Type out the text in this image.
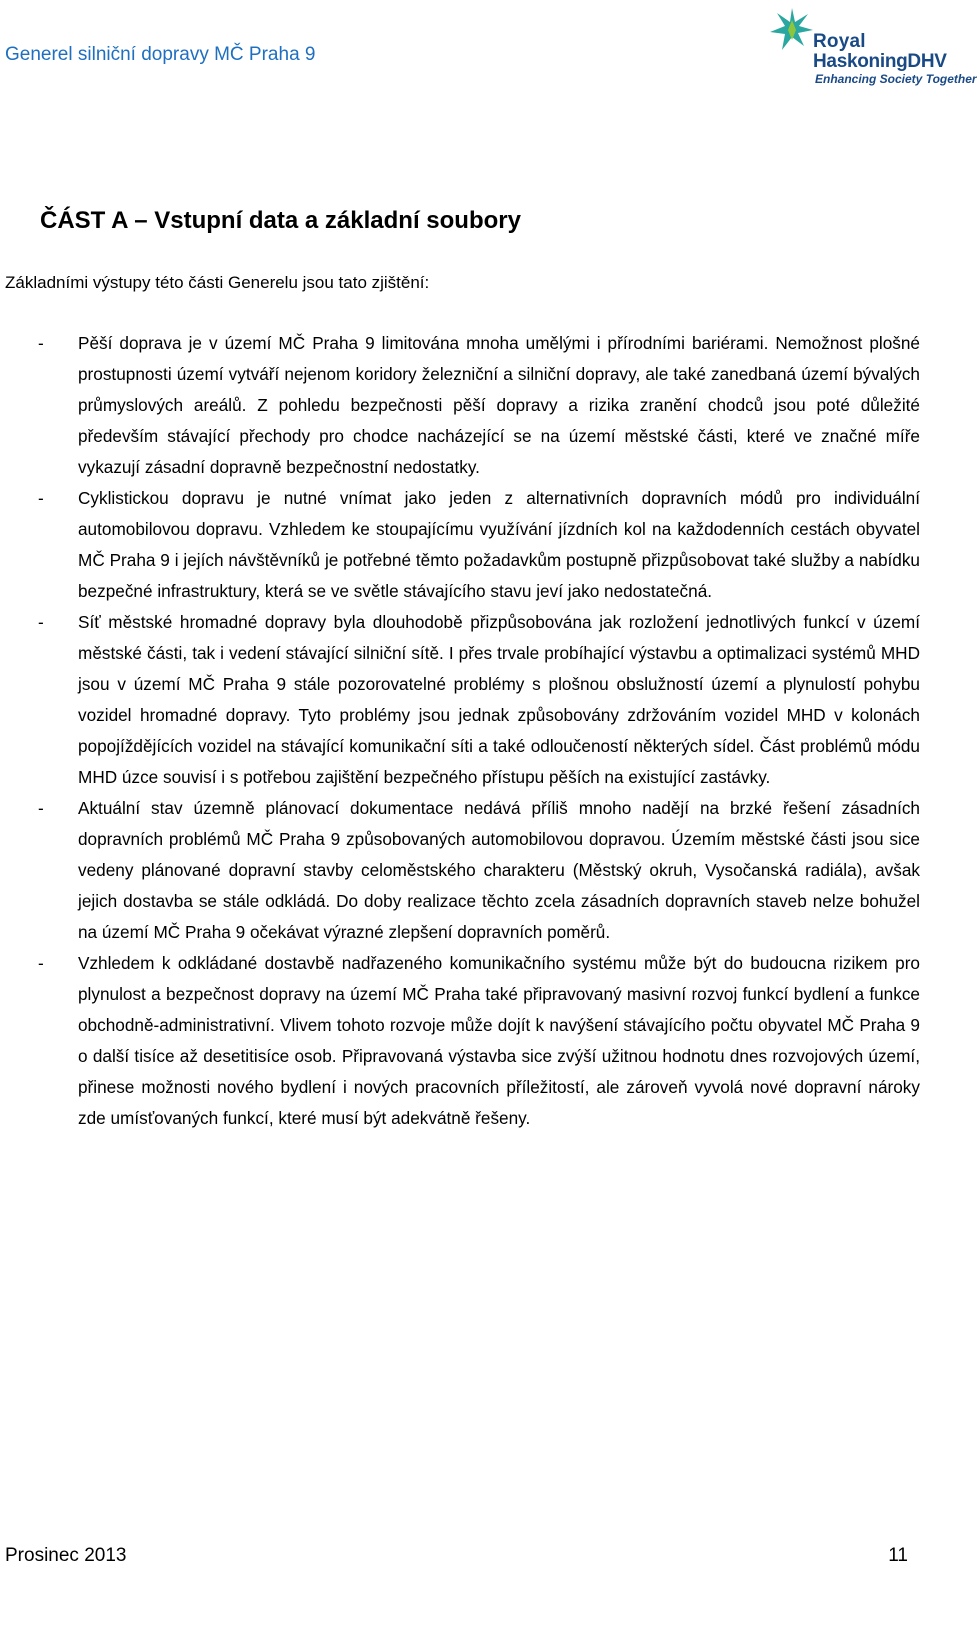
Generel silniční dopravy MČ Praha 9
Royal
HaskoningDHV
Enhancing Society Together
ČÁST A – Vstupní data a základní soubory
Základními výstupy této části Generelu jsou tato zjištění:
- Pěší doprava je v území MČ Praha 9 limitována mnoha umělými i přírodními bariérami. Nemožnost plošné prostupnosti území vytváří nejenom koridory železniční a silniční dopravy, ale také zanedbaná území bývalých průmyslových areálů. Z pohledu bezpečnosti pěší dopravy a rizika zranění chodců jsou poté důležité především stávající přechody pro chodce nacházející se na území městské části, které ve značné míře vykazují zásadní dopravně bezpečnostní nedostatky.
- Cyklistickou dopravu je nutné vnímat jako jeden z alternativních dopravních módů pro individuální automobilovou dopravu. Vzhledem ke stoupajícímu využívání jízdních kol na každodenních cestách obyvatel MČ Praha 9 i jejích návštěvníků je potřebné těmto požadavkům postupně přizpůsobovat také služby a nabídku bezpečné infrastruktury, která se ve světle stávajícího stavu jeví jako nedostatečná.
- Síť městské hromadné dopravy byla dlouhodobě přizpůsobována jak rozložení jednotlivých funkcí v území městské části, tak i vedení stávající silniční sítě. I přes trvale probíhající výstavbu a optimalizaci systémů MHD jsou v území MČ Praha 9 stále pozorovatelné problémy s plošnou obslužností území a plynulostí pohybu vozidel hromadné dopravy. Tyto problémy jsou jednak způsobovány zdržováním vozidel MHD v kolonách popojíždějících vozidel na stávající komunikační síti a také odloučeností některých sídel. Část problémů módu MHD úzce souvisí i s potřebou zajištění bezpečného přístupu pěších na existující zastávky.
- Aktuální stav územně plánovací dokumentace nedává příliš mnoho nadějí na brzké řešení zásadních dopravních problémů MČ Praha 9 způsobovaných automobilovou dopravou. Územím městské části jsou sice vedeny plánované dopravní stavby celoměstského charakteru (Městský okruh, Vysočanská radiála), avšak jejich dostavba se stále odkládá. Do doby realizace těchto zcela zásadních dopravních staveb nelze bohužel na území MČ Praha 9 očekávat výrazné zlepšení dopravních poměrů.
- Vzhledem k odkládané dostavbě nadřazeného komunikačního systému může být do budoucna rizikem pro plynulost a bezpečnost dopravy na území MČ Praha také připravovaný masivní rozvoj funkcí bydlení a funkce obchodně-administrativní. Vlivem tohoto rozvoje může dojít k navýšení stávajícího počtu obyvatel MČ Praha 9 o další tisíce až desetitisíce osob. Připravovaná výstavba sice zvýší užitnou hodnotu dnes rozvojových území, přinese možnosti nového bydlení i nových pracovních příležitostí, ale zároveň vyvolá nové dopravní nároky zde umísťovaných funkcí, které musí být adekvátně řešeny.
Prosinec 2013	11
